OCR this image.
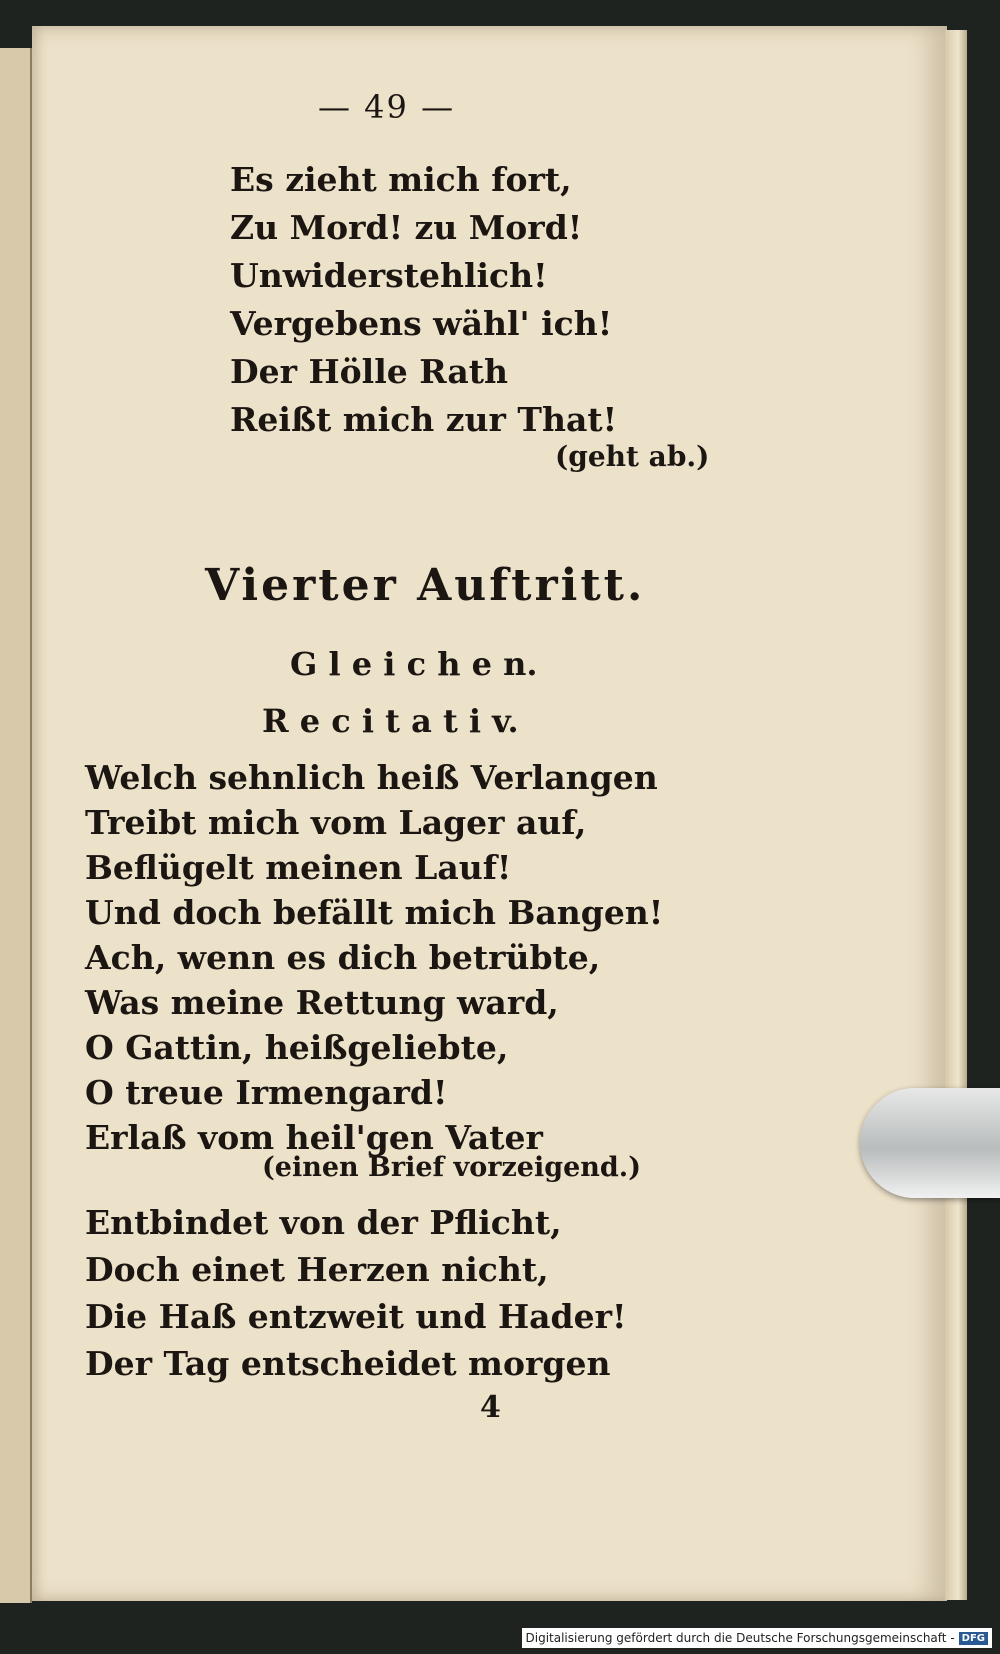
— 49 —
Es zieht mich fort,
Zu Mord! zu Mord!
Unwiderstehlich!
Vergebens wähl' ich!
Der Hölle Rath
Reißt mich zur That!
(geht ab.)
Vierter Auftritt.
G l e i c h e n.
R e c i t a t i v.
Welch sehnlich heiß Verlangen
Treibt mich vom Lager auf,
Beflügelt meinen Lauf!
Und doch befällt mich Bangen!
Ach, wenn es dich betrübte,
Was meine Rettung ward,
O Gattin, heißgeliebte,
O treue Irmengard!
Erlaß vom heil'gen Vater
(einen Brief vorzeigend.)
Entbindet von der Pflicht,
Doch einet Herzen nicht,
Die Haß entzweit und Hader!
Der Tag entscheidet morgen
4
Digitalisierung gefördert durch die Deutsche Forschungsgemeinschaft - DFG
